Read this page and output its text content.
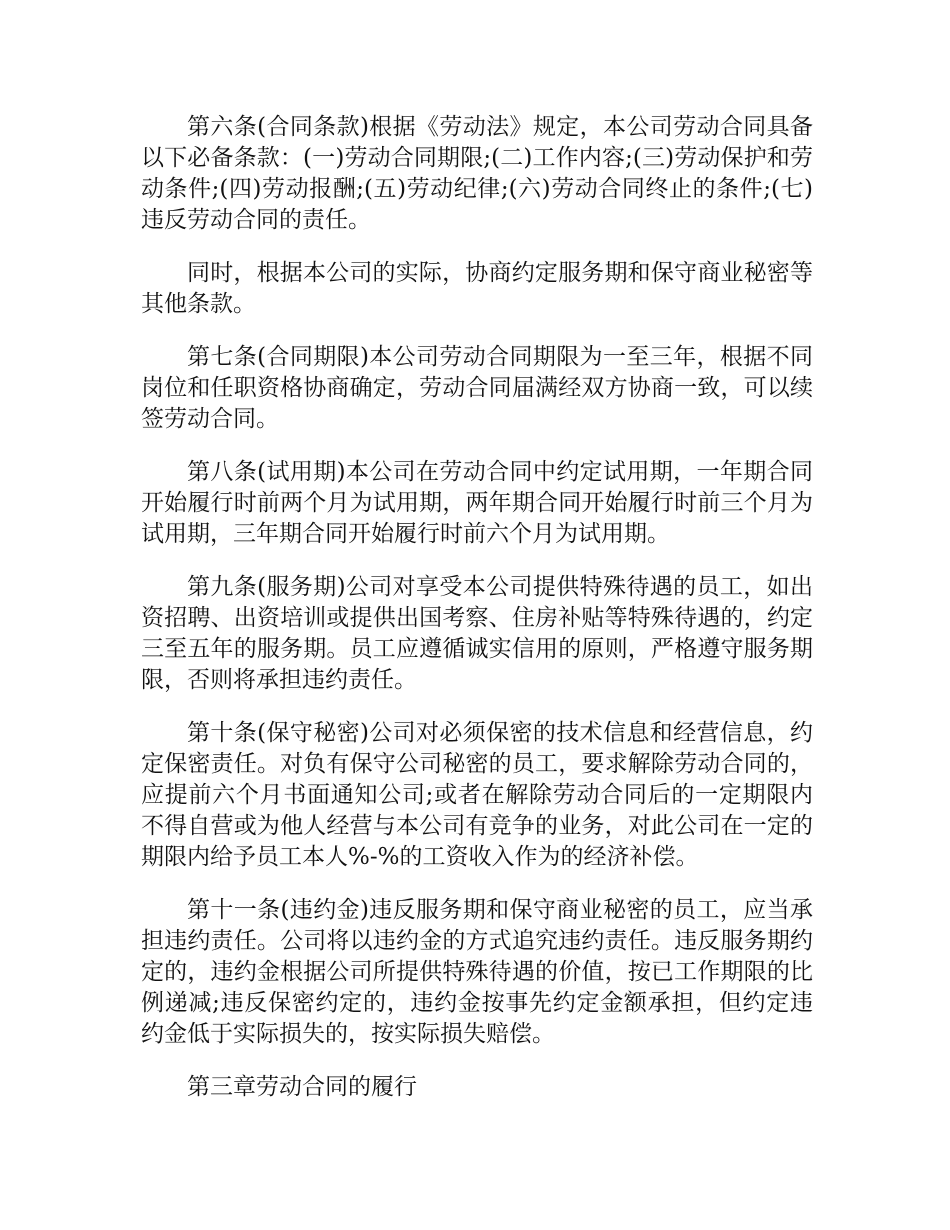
第六条(合同条款)根据《劳动法》规定，本公司劳动合同具备以下必备条款：(一)劳动合同期限;(二)工作内容;(三)劳动保护和劳动条件;(四)劳动报酬;(五)劳动纪律;(六)劳动合同终止的条件;(七)违反劳动合同的责任。

同时，根据本公司的实际，协商约定服务期和保守商业秘密等其他条款。

第七条(合同期限)本公司劳动合同期限为一至三年，根据不同岗位和任职资格协商确定，劳动合同届满经双方协商一致，可以续签劳动合同。

第八条(试用期)本公司在劳动合同中约定试用期，一年期合同开始履行时前两个月为试用期，两年期合同开始履行时前三个月为试用期，三年期合同开始履行时前六个月为试用期。

第九条(服务期)公司对享受本公司提供特殊待遇的员工，如出资招聘、出资培训或提供出国考察、住房补贴等特殊待遇的，约定三至五年的服务期。员工应遵循诚实信用的原则，严格遵守服务期限，否则将承担违约责任。

第十条(保守秘密)公司对必须保密的技术信息和经营信息，约定保密责任。对负有保守公司秘密的员工，要求解除劳动合同的，应提前六个月书面通知公司;或者在解除劳动合同后的一定期限内不得自营或为他人经营与本公司有竞争的业务，对此公司在一定的期限内给予员工本人%-%的工资收入作为的经济补偿。

第十一条(违约金)违反服务期和保守商业秘密的员工，应当承担违约责任。公司将以违约金的方式追究违约责任。违反服务期约定的，违约金根据公司所提供特殊待遇的价值，按已工作期限的比例递减;违反保密约定的，违约金按事先约定金额承担，但约定违约金低于实际损失的，按实际损失赔偿。

第三章劳动合同的履行
